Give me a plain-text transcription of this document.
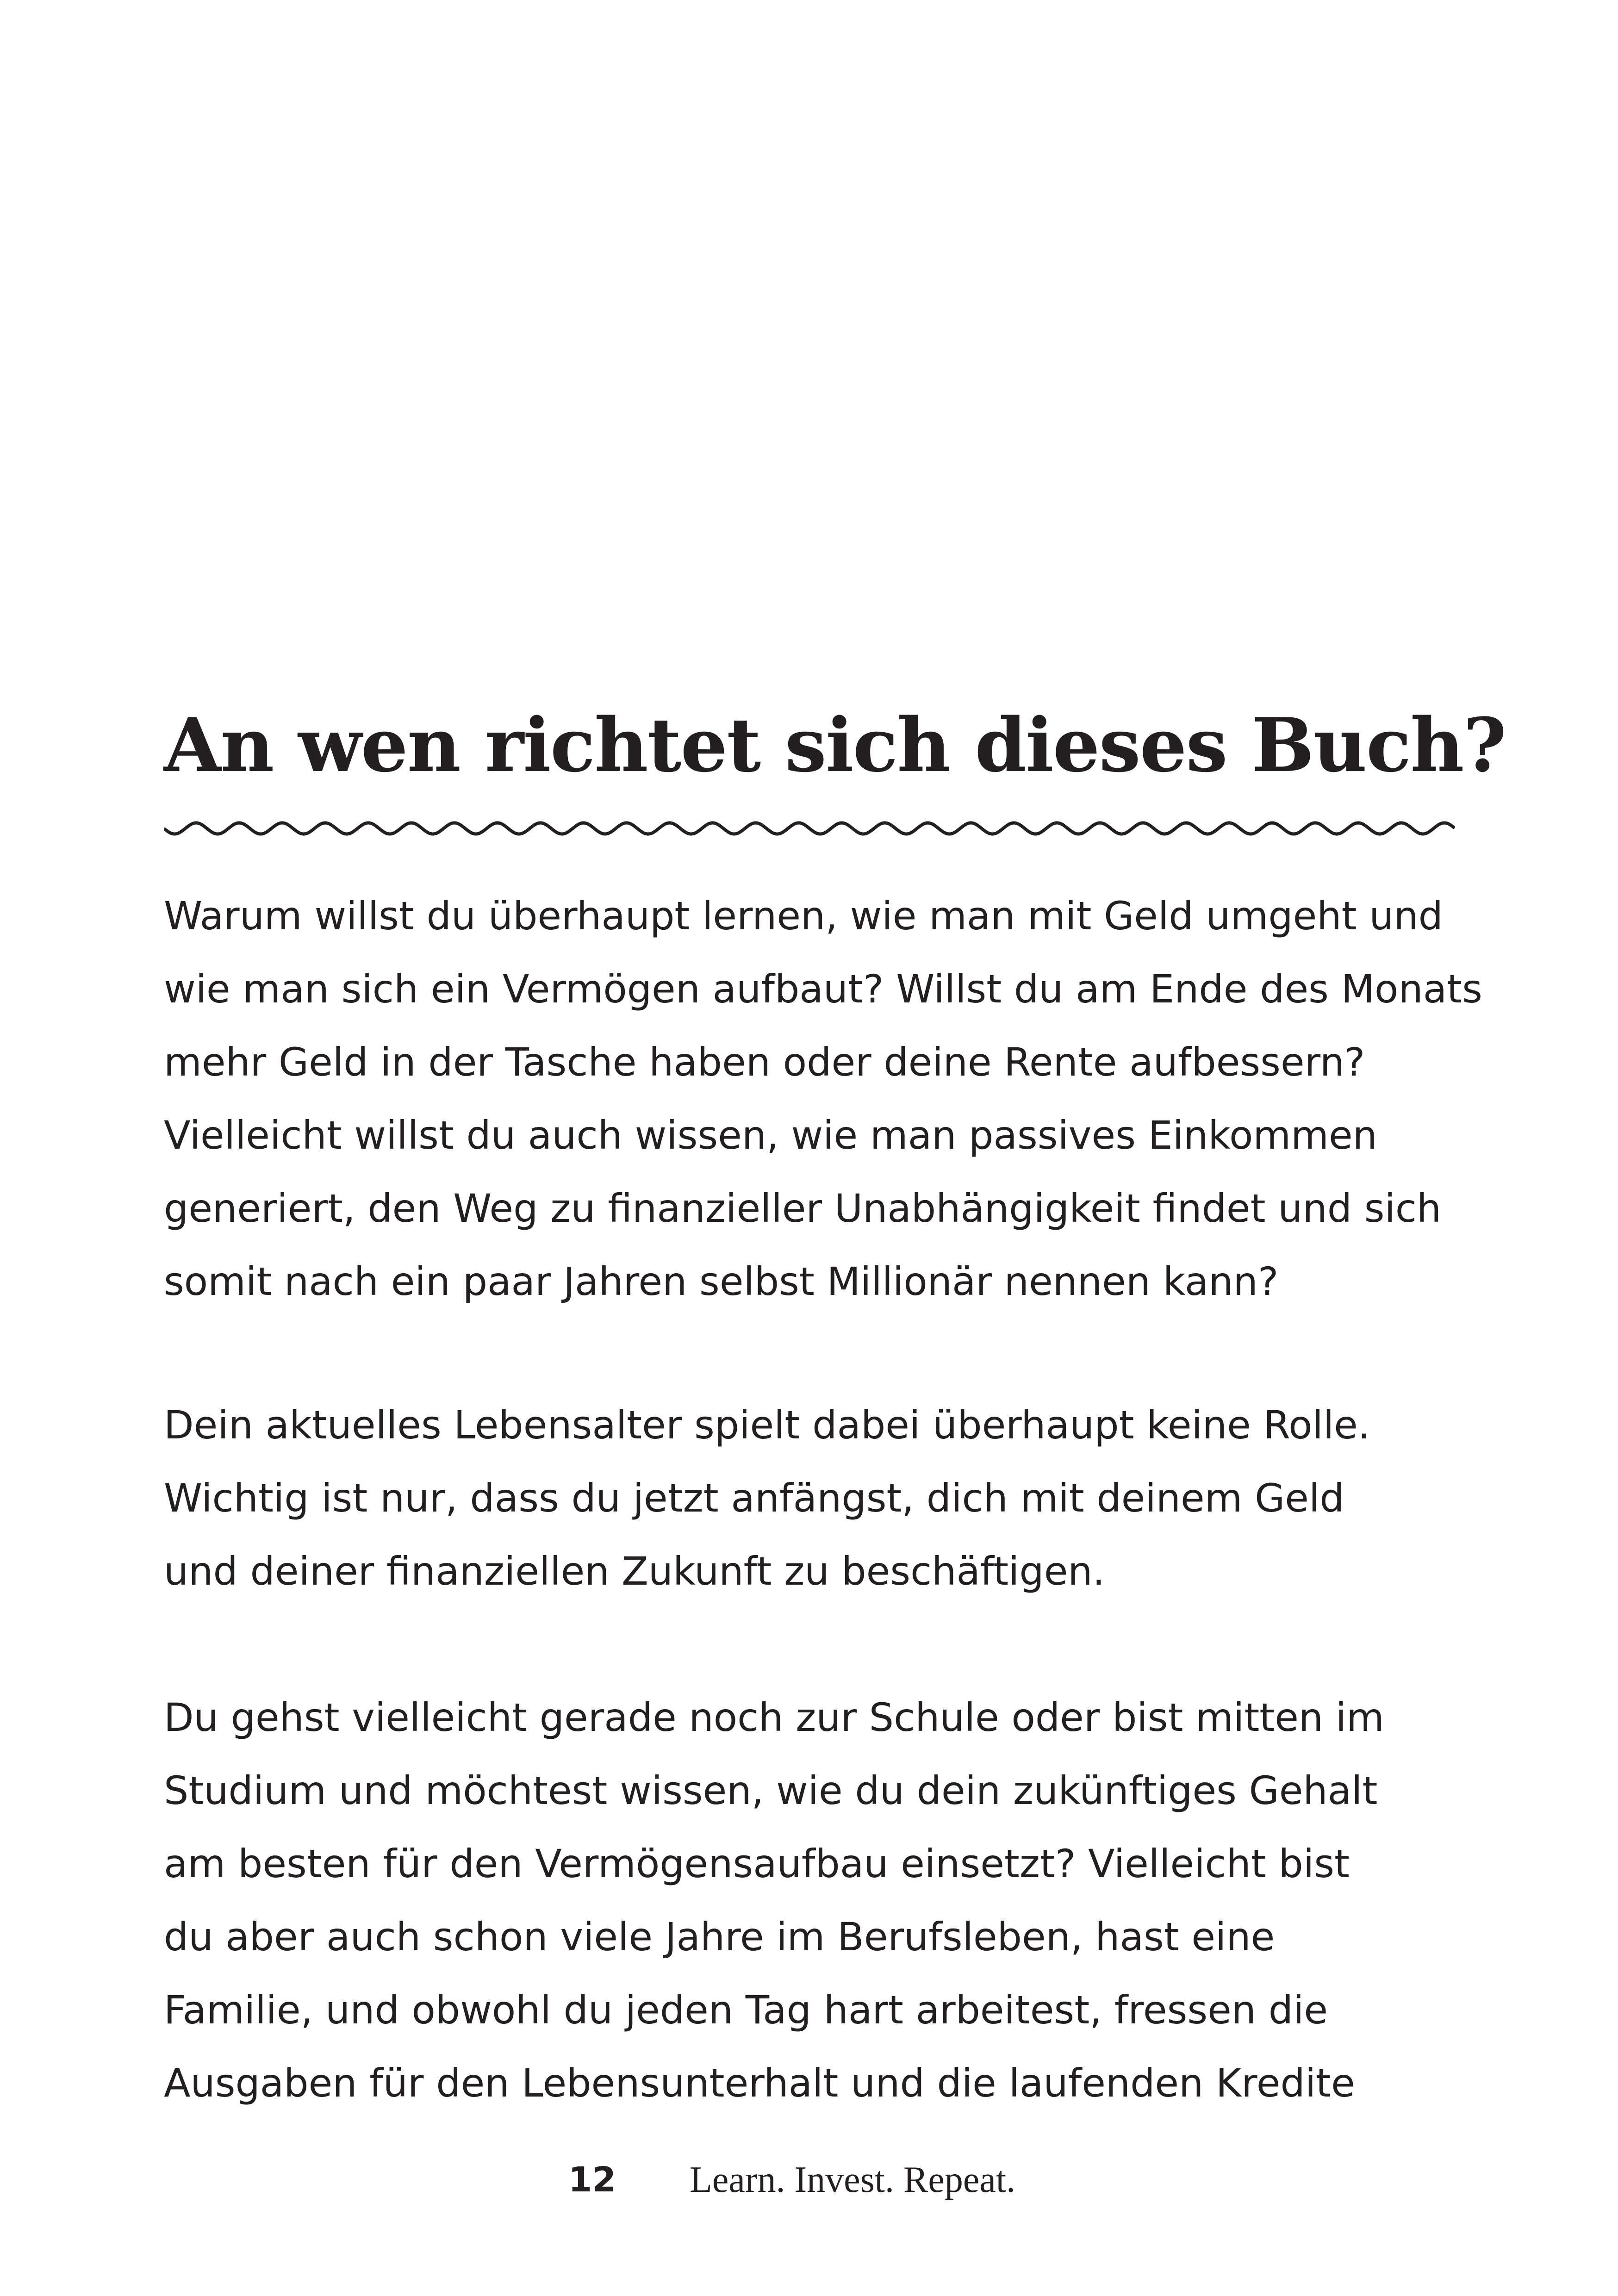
An wen richtet sich dieses Buch?
Warum willst du überhaupt lernen, wie man mit Geld umgeht und
wie man sich ein Vermögen aufbaut? Willst du am Ende des Monats
mehr Geld in der Tasche haben oder deine Rente aufbessern?
Vielleicht willst du auch wissen, wie man passives Einkommen
generiert, den Weg zu finanzieller Unabhängigkeit findet und sich
somit nach ein paar Jahren selbst Millionär nennen kann?
Dein aktuelles Lebensalter spielt dabei überhaupt keine Rolle.
Wichtig ist nur, dass du jetzt anfängst, dich mit deinem Geld
und deiner finanziellen Zukunft zu beschäftigen.
Du gehst vielleicht gerade noch zur Schule oder bist mitten im
Studium und möchtest wissen, wie du dein zukünftiges Gehalt
am besten für den Vermögensaufbau einsetzt? Vielleicht bist
du aber auch schon viele Jahre im Berufsleben, hast eine
Familie, und obwohl du jeden Tag hart arbeitest, fressen die
Ausgaben für den Lebensunterhalt und die laufenden Kredite
12 Learn. Invest. Repeat.
